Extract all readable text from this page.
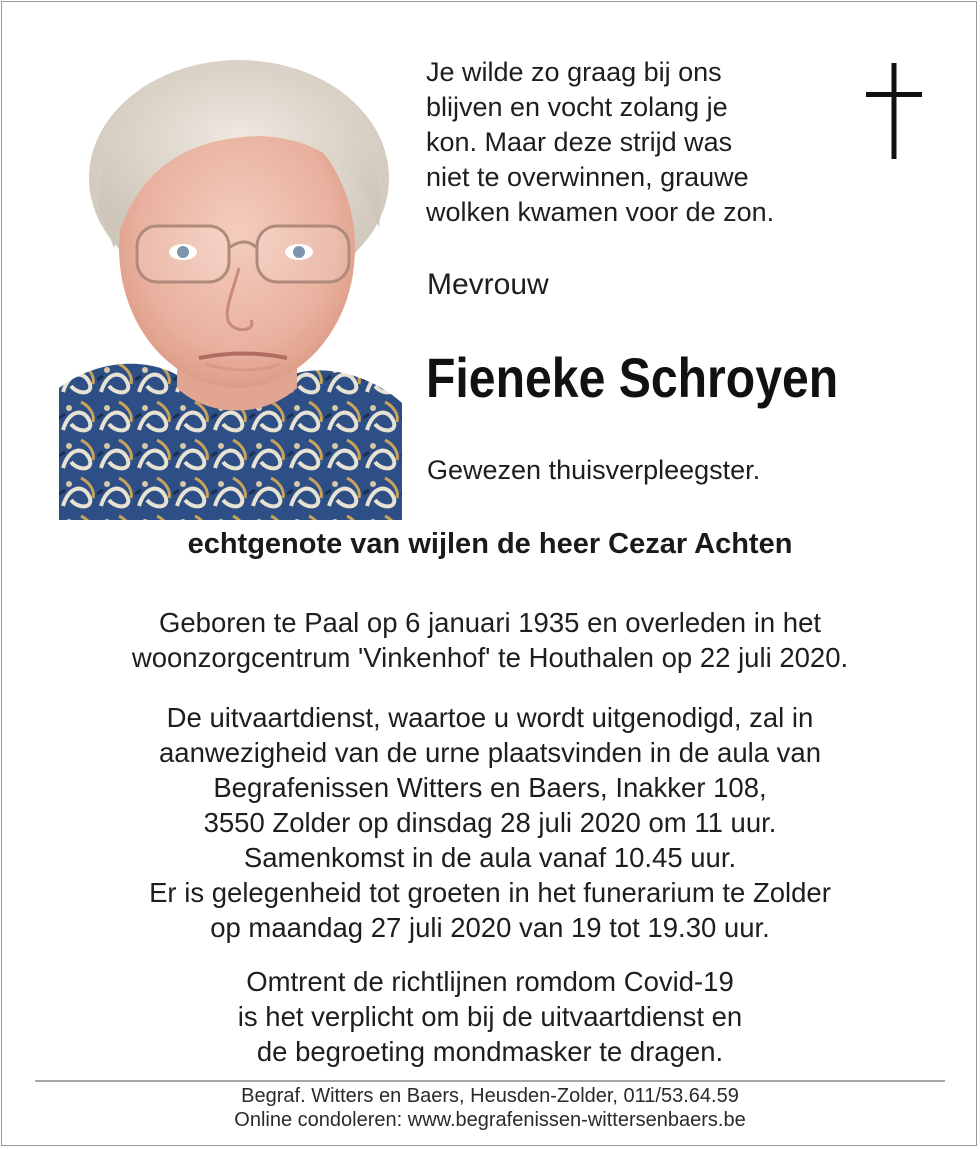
Je wilde zo graag bij ons
blijven en vocht zolang je
kon. Maar deze strijd was
niet te overwinnen, grauwe
wolken kwamen voor de zon.
Mevrouw
Fieneke Schroyen
Gewezen thuisverpleegster.
echtgenote van wijlen de heer Cezar Achten
Geboren te Paal op 6 januari 1935 en overleden in het
woonzorgcentrum 'Vinkenhof' te Houthalen op 22 juli 2020.
De uitvaartdienst, waartoe u wordt uitgenodigd, zal in
aanwezigheid van de urne plaatsvinden in de aula van
Begrafenissen Witters en Baers, Inakker 108,
3550 Zolder op dinsdag 28 juli 2020 om 11 uur.
Samenkomst in de aula vanaf 10.45 uur.
Er is gelegenheid tot groeten in het funerarium te Zolder
op maandag 27 juli 2020 van 19 tot 19.30 uur.
Omtrent de richtlijnen romdom Covid-19
is het verplicht om bij de uitvaartdienst en
de begroeting mondmasker te dragen.
Begraf. Witters en Baers, Heusden-Zolder, 011/53.64.59
Online condoleren: www.begrafenissen-wittersenbaers.be
